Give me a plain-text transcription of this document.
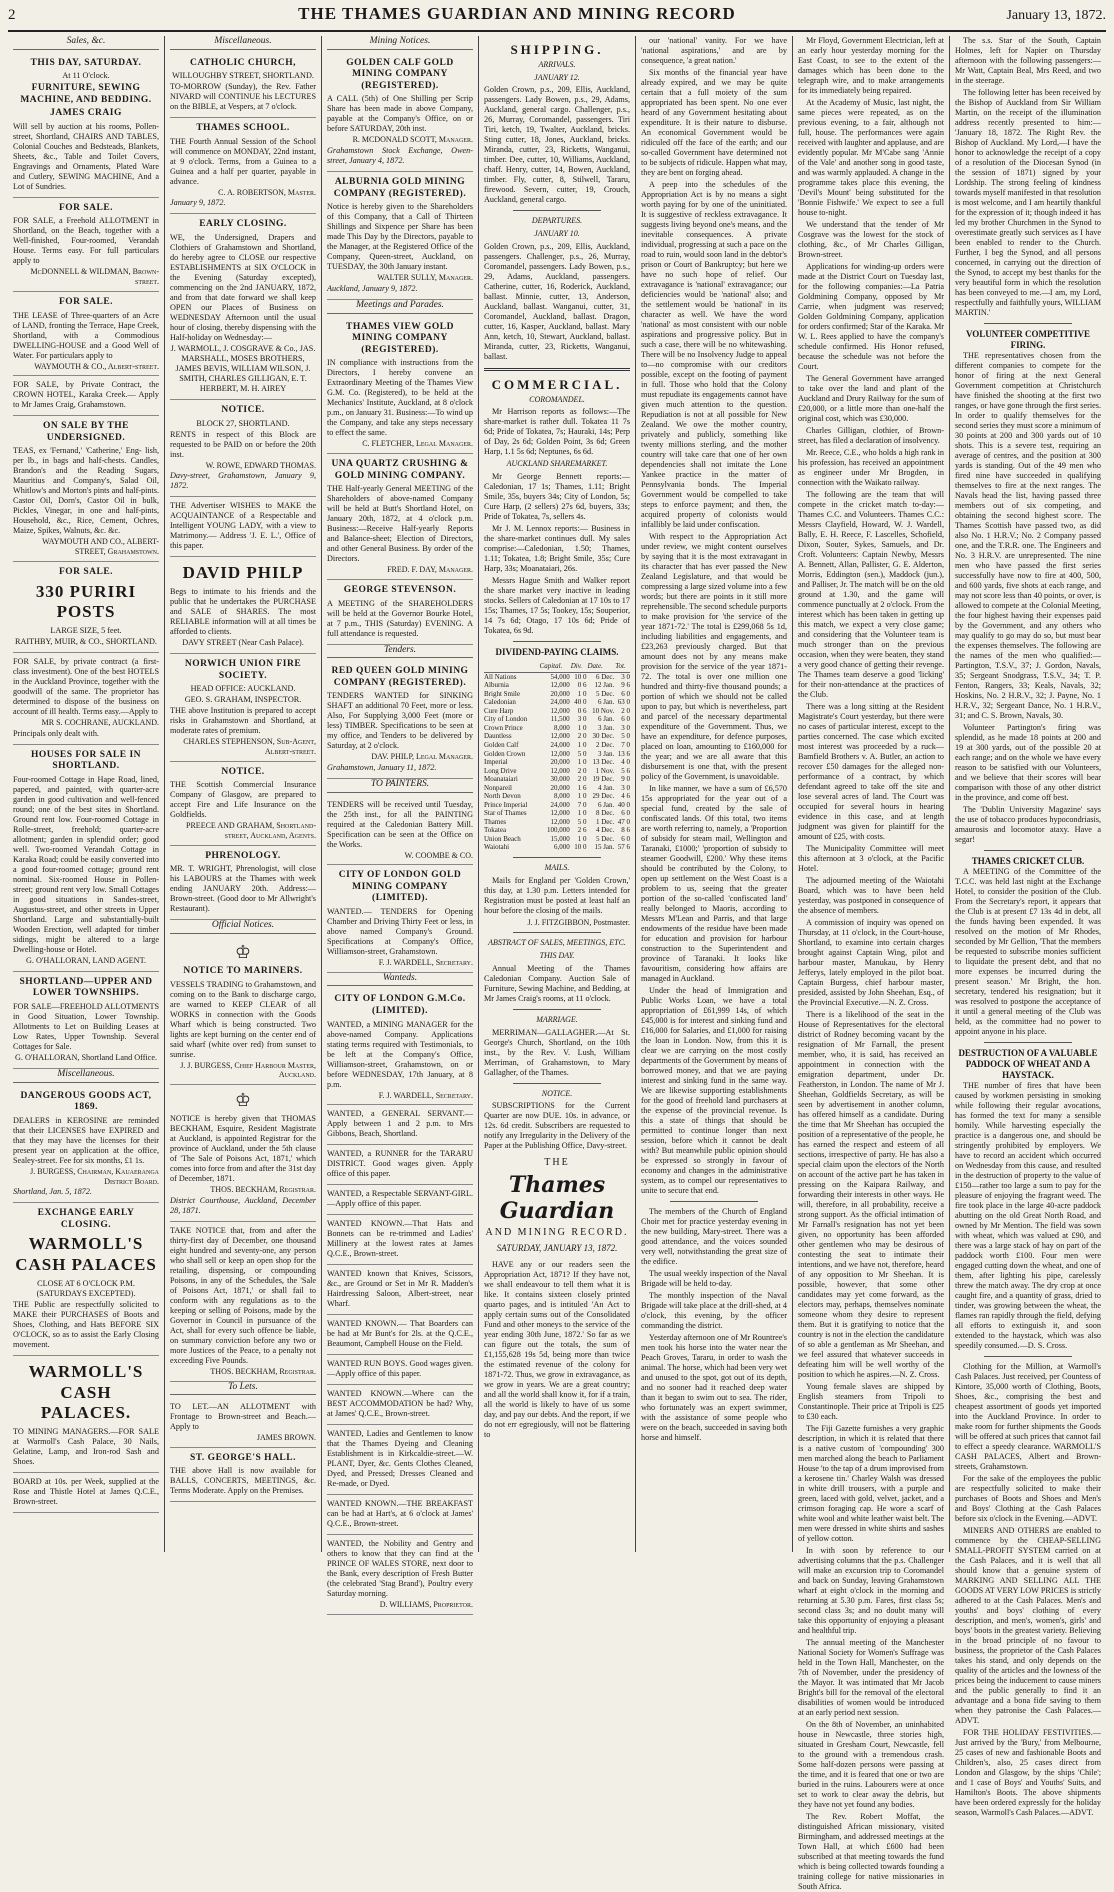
2	THE THAMES GUARDIAN AND MINING RECORD	January 13, 1872.
Sales, &c.
THIS DAY, SATURDAY.
At 11 O'clock.
FURNITURE, SEWING MACHINE, AND BEDDING.
JAMES CRAIG

Will sell by auction at his rooms, Pollen-street, Shortland, CHAIRS AND TABLES, Colonial Couches and Bedsteads, Blankets, Sheets, &c., Table and Toilet Covers, Engravings and Ornaments, Plated Ware and Cutlery, SEWING MACHINE, And a Lot of Sundries.

FOR SALE.

FOR SALE, a Freehold ALLOTMENT in Shortland, on the Beach, together with a Well-finished, Four-roomed, Verandah House. Terms easy. For full particulars apply to

McDONNELL & WILDMAN, Brown-street.
FOR SALE.

THE LEASE of Three-quarters of an Acre of LAND, fronting the Terrace, Hape Creek, Shortland, with a Commodious DWELLING-HOUSE and a Good Well of Water. For particulars apply to

WAYMOUTH & CO., Albert-street.

FOR SALE, by Private Contract, the CROWN HOTEL, Karaka Creek.— Apply to Mr James Craig, Grahamstown.

ON SALE BY THE UNDERSIGNED.

TEAS, ex 'Fernand,' 'Catherine,' Eng- lish, per lb., in bags and half-chests. Candles, Brandon's and the Reading Sugars, Mauritius and Company's, Salad Oil, Whitlow's and Morton's pints and half-pints. Castor Oil, Dorn's, Castor Oil in bulk, Pickles, Vinegar, in one and half-pints, Household, &c., Rice, Cement, Ochres, Maize, Spikes, Walnuts, &c. &c.

WAYMOUTH AND CO., ALBERT-STREET, Grahamstown.
FOR SALE.
330 PURIRI POSTS
LARGE SIZE, 5 feet.
RAITHBY, MUIR, & CO., SHORTLAND.

FOR SALE, by private contract (a first-class investment). One of the best HOTELS in the Auckland Province, together with the goodwill of the same. The proprietor has determined to dispose of the business on account of ill health. Terms easy.—Apply to

MR S. COCHRANE, AUCKLAND.

Principals only dealt with.

HOUSES FOR SALE IN SHORTLAND.

Four-roomed Cottage in Hape Road, lined, papered, and painted, with quarter-acre garden in good cultivation and well-fenced round; one of the best sites in Shortland. Ground rent low. Four-roomed Cottage in Rolle-street, freehold; quarter-acre allotment; garden in splendid order; good well. Two-roomed Verandah Cottage in Karaka Road; could be easily converted into a good four-roomed cottage; ground rent nominal. Six-roomed House in Pollen-street; ground rent very low. Small Cottages in good situations in Sandes-street, Augustus-street, and other streets in Upper Shortland. Large and substantially-built Wooden Erection, well adapted for timber sidings, might be altered to a large Dwelling-house or Hotel.

G. O'HALLORAN, LAND AGENT.
SHORTLAND—UPPER AND LOWER TOWNSHIPS.

FOR SALE—FREEHOLD ALLOTMENTS in Good Situation, Lower Township. Allotments to Let on Building Leases at Low Rates, Upper Township. Several Cottages for Sale.

G. O'HALLORAN, Shortland Land Office.
Miscellaneous.
DANGEROUS GOODS ACT, 1869.

DEALERS in KEROSINE are reminded that their LICENSES have EXPIRED and that they may have the licenses for their present year on application at the office, Sealey-street. Fee for six months, £1 1s.

J. BURGESS, Chairman, Kauaeranga District Board.

Shortland, Jan. 5, 1872.

EXCHANGE EARLY CLOSING.
WARMOLL'S CASH PALACES
CLOSE AT 6 O'CLOCK P.M. (SATURDAYS EXCEPTED).

THE Public are respectfully solicited to MAKE their PURCHASES of Boots and Shoes, Clothing, and Hats BEFORE SIX O'CLOCK, so as to assist the Early Closing movement.

WARMOLL'S CASH PALACES.

TO MINING MANAGERS.—FOR SALE at Warmoll's Cash Palace, 30 Nails, Gelatine, Lamp, and Iron-rod Sash and Shoes.

BOARD at 10s. per Week, supplied at the Rose and Thistle Hotel at James Q.C.E., Brown-street.

Miscellaneous.
CATHOLIC CHURCH,
WILLOUGHBY STREET, SHORTLAND.

TO-MORROW (Sunday), the Rev. Father NIVARD will CONTINUE his LECTURES on the BIBLE, at Vespers, at 7 o'clock.

THAMES SCHOOL.

THE Fourth Annual Session of the School will commence on MONDAY, 22nd instant, at 9 o'clock. Terms, from a Guinea to a Guinea and a half per quarter, payable in advance.

C. A. ROBERTSON, Master.

January 9, 1872.

EARLY CLOSING.

WE, the Undersigned, Drapers and Clothiers of Grahamstown and Shortland, do hereby agree to CLOSE our respective ESTABLISHMENTS at SIX O'CLOCK in the Evening (Saturday excepted), commencing on the 2nd JANUARY, 1872, and from that date forward we shall keep OPEN our Places of Business on WEDNESDAY Afternoon until the usual hour of closing, thereby dispensing with the Half-holiday on Wednesday:—

J. WARMOLL, J. COSGRAVE & Co., JAS. MARSHALL, MOSES BROTHERS, JAMES BEVIS, WILLIAM WILSON, J. SMITH, CHARLES GILLIGAN, E. T. HERBERT, M. H. AIREY
NOTICE.
BLOCK 27, SHORTLAND.

RENTS in respect of this Block are requested to be PAID on or before the 20th inst.

W. ROWE, EDWARD THOMAS.

Davy-street, Grahamstown, January 9, 1872.

THE Advertiser WISHES to MAKE the ACQUAINTANCE of a Respectable and Intelligent YOUNG LADY, with a view to Matrimony.— Address 'J. E. L.', Office of this paper.

DAVID PHILP

Begs to intimate to his friends and the public that he undertakes the PURCHASE and SALE of SHARES. The most RELIABLE information will at all times be afforded to clients.

DAVY STREET (Near Cash Palace).
NORWICH UNION FIRE SOCIETY.
HEAD OFFICE: AUCKLAND.
GEO. S. GRAHAM, INSPECTOR.

THE above Institution is prepared to accept risks in Grahamstown and Shortland, at moderate rates of premium.

CHARLES STEPHENSON, Sub-Agent, Albert-street.
NOTICE.

THE Scottish Commercial Insurance Company of Glasgow, are prepared to accept Fire and Life Insurance on the Goldfields.

PREECE AND GRAHAM, Shortland-street, Auckland, Agents.
PHRENOLOGY.

MR. T. WRIGHT, Phrenologist, will close his LABOURS at the Thames with week ending JANUARY 20th. Address:— Brown-street. (Good door to Mr Allwright's Restaurant).

Official Notices.
♔
NOTICE TO MARINERS.

VESSELS TRADING to Grahamstown, and coming on to the Bank to discharge cargo, are warned to KEEP CLEAR of all WORKS in connection with the Goods Wharf which is being constructed. Two lights are kept burning on the center end of said wharf (white over red) from sunset to sunrise.

J. J. BURGESS, Chief Harbour Master, Auckland.
♔

NOTICE is hereby given that THOMAS BECKHAM, Esquire, Resident Magistrate at Auckland, is appointed Registrar for the province of Auckland, under the 5th clause of 'The Sale of Poisons Act, 1871,' which comes into force from and after the 31st day of December, 1871.

THOS. BECKHAM, Registrar.

District Courthouse, Auckland, December 28, 1871.

TAKE NOTICE that, from and after the thirty-first day of December, one thousand eight hundred and seventy-one, any person who shall sell or keep an open shop for the retailing, dispensing, or compounding Poisons, in any of the Schedules, the 'Sale of Poisons Act, 1871,' or shall fail to conform with any regulations as to the keeping or selling of Poisons, made by the Governor in Council in pursuance of the Act, shall for every such offence be liable, on summary conviction before any two or more Justices of the Peace, to a penalty not exceeding Five Pounds.

THOS. BECKHAM, Registrar.
To Lets.

TO LET.—AN ALLOTMENT with Frontage to Brown-street and Beach.—Apply to

JAMES BROWN.
ST. GEORGE'S HALL.

THE above Hall is now available for BALLS, CONCERTS, MEETINGS, &c. Terms Moderate. Apply on the Premises.

Mining Notices.
GOLDEN CALF GOLD MINING COMPANY (REGISTERED).

A CALL (5th) of One Shilling per Scrip Share has been made in above Company, payable at the Company's Office, on or before SATURDAY, 20th inst.

R. MCDONALD SCOTT, Manager.

Grahamstown Stock Exchange, Owen-street, January 4, 1872.

ALBURNIA GOLD MINING COMPANY (REGISTERED).

Notice is hereby given to the Shareholders of this Company, that a Call of Thirteen Shillings and Sixpence per Share has been made This Day by the Directors, payable to the Manager, at the Registered Office of the Company, Queen-street, Auckland, on TUESDAY, the 30th January instant.

WALTER SULLY, Manager.

Auckland, January 9, 1872.

Meetings and Parades.
THAMES VIEW GOLD MINING COMPANY (REGISTERED).

IN compliance with instructions from the Directors, I hereby convene an Extraordinary Meeting of the Thames View G.M. Co. (Registered), to be held at the Mechanics' Institute, Auckland, at 8 o'clock p.m., on January 31. Business:—To wind up the Company, and take any steps necessary to effect the same.

C. FLETCHER, Legal Manager.
UNA QUARTZ CRUSHING & GOLD MINING COMPANY.

THE Half-yearly General MEETING of the Shareholders of above-named Company will be held at Butt's Shortland Hotel, on January 20th, 1872, at 4 o'clock p.m. Business:—Receive Half-yearly Reports and Balance-sheet; Election of Directors, and other General Business. By order of the Directors.

FRED. F. DAY, Manager.
GEORGE STEVENSON.

A MEETING of the SHAREHOLDERS will be held at the Governor Bourke Hotel, at 7 p.m., THIS (Saturday) EVENING. A full attendance is requested.

Tenders.
RED QUEEN GOLD MINING COMPANY (REGISTERED).

TENDERS WANTED for SINKING SHAFT an additional 70 Feet, more or less. Also, For Supplying 3,000 Feet (more or less) TIMBER. Specifications to be seen at my office, and Tenders to be delivered by Saturday, at 2 o'clock.

DAV. PHILP, Legal Manager.

Grahamstown, January 11, 1872.

TO PAINTERS.

TENDERS will be received until Tuesday, the 25th inst., for all the PAINTING required at the Caledonian Battery Mill. Specification can be seen at the Office on the Works.

W. COOMBE & CO.
CITY OF LONDON GOLD MINING COMPANY (LIMITED).

WANTED.— TENDERS for Opening Chamber and Driving Thirty Feet or less, in above named Company's Ground. Specifications at Company's Office, Williamson-street, Grahamstown.

F. J. WARDELL, Secretary.
Wanteds.
CITY OF LONDON G.M.Co. (LIMITED).

WANTED, a MINING MANAGER for the above-named Company. Applications stating terms required with Testimonials, to be left at the Company's Office, Williamson-street, Grahamstown, on or before WEDNESDAY, 17th January, at 8 p.m.

F. J. WARDELL, Secretary.

WANTED, a GENERAL SERVANT.— Apply between 1 and 2 p.m. to Mrs Gibbons, Beach, Shortland.

WANTED, a RUNNER for the TARARU DISTRICT. Good wages given. Apply office of this paper.

WANTED, a Respectable SERVANT-GIRL.—Apply office of this paper.

WANTED KNOWN.—That Hats and Bonnets can be re-trimmed and Ladies' Millinery at the lowest rates at James Q.C.E., Brown-street.

WANTED known that Knives, Scissors, &c., are Ground or Set in Mr R. Madden's Hairdressing Saloon, Albert-street, near Wharf.

WANTED KNOWN.— That Boarders can be had at Mr Bunt's for 2ls. at the Q.C.E., Beaumont, Campbell House on the Field.

WANTED RUN BOYS. Good wages given.—Apply office of this paper.

WANTED KNOWN.—Where can the BEST ACCOMMODATION be had? Why, at James' Q.C.E., Brown-street.

WANTED, Ladies and Gentlemen to know that the Thames Dyeing and Cleaning Establishment is in Kirkcaldie-street.—W. PLANT, Dyer, &c. Gents Clothes Cleaned, Dyed, and Pressed; Dresses Cleaned and Re-made, or Dyed.

WANTED KNOWN.—THE BREAKFAST can be had at Hart's, at 6 o'clock at James' Q.C.E., Brown-street.

WANTED, the Nobility and Gentry and others to know that they can find at the PRINCE OF WALES STORE, next door to the Bank, every description of Fresh Butter (the celebrated 'Stag Brand'), Poultry every Saturday morning.

D. WILLIAMS, Proprietor.
SHIPPING.
ARRIVALS.
JANUARY 12.

Golden Crown, p.s., 209, Ellis, Auckland, passengers. Lady Bowen, p.s., 29, Adams, Auckland, general cargo. Challenger, p.s., 26, Murray, Coromandel, passengers. Tiri Tiri, ketch, 19, Twalter, Auckland, bricks. Sting cutter, 18, Jones, Auckland, bricks. Miranda, cutter, 23, Ricketts, Wanganui, timber. Dee, cutter, 10, Williams, Auckland, chaff. Henry, cutter, 14, Bowen, Auckland, timber. Fly, cutter, 8, Stilwell, Tararu, firewood. Severn, cutter, 19, Crouch, Auckland, general cargo.

DEPARTURES.
JANUARY 10.

Golden Crown, p.s., 209, Ellis, Auckland, passengers. Challenger, p.s., 26, Murray, Coromandel, passengers. Lady Bowen, p.s., 29, Adams, Auckland, passengers. Catherine, cutter, 16, Roderick, Auckland, ballast. Minnie, cutter, 13, Anderson, Auckland, ballast. Wanganui, cutter, 31, Coromandel, Auckland, ballast. Dragon, cutter, 16, Kasper, Auckland, ballast. Mary Ann, ketch, 10, Stewart, Auckland, ballast. Miranda, cutter, 23, Ricketts, Wanganui, ballast.

COMMERCIAL.
COROMANDEL.

Mr Harrison reports as follows:—The share-market is rather dull. Tokatea 11 7s 6d; Pride of Tokatea, 7s; Hauraki, 14s; Perp of Day, 2s 6d; Golden Point, 3s 6d; Green Harp, 1.1 5s 6d; Neptunes, 6s 6d.

AUCKLAND SHAREMARKET.

Mr George Bennett reports:—Caledonian, 17 1s; Thames, 1.11; Bright Smile, 35s, buyers 34s; City of London, 5s; Cure Harp, (2 sellers) 27s 6d, buyers, 33s; Pride of Tokatea, 7s, sellers 4s.

Mr J. M. Lennox reports:— Business in the share-market continues dull. My sales comprise:—Caledonian, 1.50; Thames, 1.11; Tokatea, 1.8; Bright Smile, 35s; Cure Harp, 33s; Moanataiari, 26s.

Messrs Hague Smith and Walker report the share market very inactive in leading stocks. Sellers of Caledonian at 17 10s to 17 15s; Thames, 17 5s; Tookey, 15s; Souperior, 14 7s 6d; Otago, 17 10s 6d; Pride of Tokatea, 6s 9d.

DIVIDEND-PAYING CLAIMS.
	Capital.	Div.	Date.	Tot.
All Nations	54,000	10 0	6 Dec.	3 0
Alburnia	12,000	0 6	12 Jan.	9 6
Bright Smile	20,000	1 0	5 Dec.	6 0
Caledonian	24,000	40 0	6 Jan.	63 0
Cure Harp	12,000	0 6	10 Nov.	2 0
City of London	11,500	3 0	6 Jan.	6 0
Crown Prince	8,000	1 0	3 Jan.	3 0
Dauntless	12,000	2 0	30 Dec.	5 0
Golden Calf	24,000	1 0	2 Dec.	7 0
Golden Crown	12,000	5 0	3 Jan.	13 6
Imperial	20,000	1 0	13 Dec.	4 0
Long Drive	12,000	2 0	1 Nov.	5 6
Moanataiari	30,000	2 0	19 Dec.	9 0
Nonpareil	20,000	1 6	4 Jan.	3 0
North Devon	8,000	1 0	29 Dec.	4 6
Prince Imperial	24,000	7 0	6 Jan.	40 0
Star of Thames	12,000	1 0	8 Dec.	6 0
Thames	12,000	5 0	1 Dec.	47 0
Tokatea	100,000	2 6	4 Dec.	8 6
Union Beach	15,000	1 0	5 Dec.	6 0
Waiotahi	6,000	10 0	15 Jan.	57 6
MAILS.

Mails for England per 'Golden Crown,' this day, at 1.30 p.m. Letters intended for Registration must be posted at least half an hour before the closing of the mails.

J. J. FITZGIBBON, Postmaster.
ABSTRACT OF SALES, MEETINGS, ETC.
THIS DAY.

Annual Meeting of the Thames Caledonian Company. Auction Sale of Furniture, Sewing Machine, and Bedding, at Mr James Craig's rooms, at 11 o'clock.

MARRIAGE.

MERRIMAN—GALLAGHER.—At St. George's Church, Shortland, on the 10th inst., by the Rev. V. Lush, William Merriman, of Grahamstown, to Mary Gallagher, of the Thames.

NOTICE.

SUBSCRIPTIONS for the Current Quarter are now DUE. 10s. in advance, or 12s. 6d credit. Subscribers are requested to notify any Irregularity in the Delivery of the Paper at the Publishing Office, Davy-street.

THE
Thames Guardian
AND MINING RECORD.
SATURDAY, JANUARY 13, 1872.

HAVE any or our readers seen the Appropriation Act, 1871? If they have not, we shall endeavour to tell them what it is like. It contains sixteen closely printed quarto pages, and is intituled 'An Act to apply certain sums out of the Consolidated Fund and other moneys to the service of the year ending 30th June, 1872.' So far as we can figure out the totals, the sum of £1,155,628 19s 5d, being more than twice the estimated revenue of the colony for 1871-72. Thus, we grow in extravagance, as we grow in years. We are a great country; and all the world shall know it, for if a train, all the world is likely to have of us some day, and pay our debts. And the report, if we do not err egregiously, will not be flattering to

our 'national' vanity. For we have 'national aspirations,' and are by consequence, 'a great nation.'

Six months of the financial year have already expired, and we may be quite certain that a full moiety of the sum appropriated has been spent. No one ever heard of any Government hesitating about expenditure. It is their nature to disburse. An economical Government would be ridiculed off the face of the earth; and our so-called Government have determined not to be subjects of ridicule. Happen what may, they are bent on forging ahead.

A peep into the schedules of the Appropriation Act is by no means a sight worth paying for by one of the uninitiated. It is suggestive of reckless extravagance. It suggests living beyond one's means, and the inevitable consequences. A private individual, progressing at such a pace on the road to ruin, would soon land in the debtor's prison or Court of Bankruptcy; but here we have no such hope of relief. Our extravagance is 'national' extravagance; our deficiencies would be 'national' also; and the settlement would be 'national' in its character as well. We have the word 'national' as most consistent with our noble aspirations and progressive policy. But in such a case, there will be no whitewashing. There will be no Insolvency Judge to appeal to—no compromise with our creditors possible, except on the footing of payment in full. Those who hold that the Colony must repudiate its engagements cannot have given much attention to the question. Repudiation is not at all possible for New Zealand. We owe the mother country, privately and publicly, something like twenty millions sterling, and the mother country will take care that one of her own dependencies shall not imitate the Lone Yankee practice in the matter of Pennsylvania bonds. The Imperial Government would be compelled to take steps to enforce payment; and then, the acquired property of colonists would infallibly be laid under confiscation.

With respect to the Appropriation Act under review, we might content ourselves by saying that it is the most extravagant in its character that has ever passed the New Zealand Legislature, and that would be compressing a large sized volume into a few words; but there are points in it still more reprehensible. The second schedule purports to make provision for 'the service of the year 1871-72.' The total is £299,068 5s 1d, including liabilities and engagements, and £23,263 previously charged. But that amount does not by any means make provision for the service of the year 1871-72. The total is over one million one hundred and thirty-five thousand pounds; a portion of which we should not be called upon to pay, but which is nevertheless, part and parcel of the necessary departmental expenditure of the Government. Thus, we have an expenditure, for defence purposes, placed on loan, amounting to £160,000 for the year; and we are all aware that this disbursement is one that, with the present policy of the Government, is unavoidable.

In like manner, we have a sum of £6,570 15s appropriated for the year out of a special fund, created by the sale of confiscated lands. Of this total, two items are worth referring to, namely, a 'Proportion of subsidy for steam mail, Wellington and Taranaki, £1000;' 'proportion of subsidy to steamer Goodwill, £200.' Why these items should be contributed by the Colony, to open up settlement on the West Coast is a problem to us, seeing that the greater portion of the so-called 'confiscated land' really belonged to Maoris, according to Messrs M'Lean and Parris, and that large endowments of the residue have been made for education and provision for harbour construction to the Superintendent and province of Taranaki. It looks like favouritism, considering how affairs are managed in Auckland.

Under the head of Immigration and Public Works Loan, we have a total appropriation of £61,999 14s, of which £45,000 is for interest and sinking fund and £16,000 for Salaries, and £1,000 for raising the loan in London. Now, from this it is clear we are carrying on the most costly departments of the Government by means of borrowed money, and that we are paying interest and sinking fund in the same way. We are likewise supporting establishments for the good of freehold land purchasers at the expense of the provincial revenue. Is this a state of things that should be permitted to continue longer than next session, before which it cannot be dealt with? But meanwhile public opinion should be expressed so strongly in favour of economy and changes in the administrative system, as to compel our representatives to unite to secure that end.

The members of the Church of England Choir met for practice yesterday evening in the new building, Mary-street. There was a good attendance, and the voices sounded very well, notwithstanding the great size of the edifice.

The usual weekly inspection of the Naval Brigade will be held to-day.

The monthly inspection of the Naval Brigade will take place at the drill-shed, at 4 o'clock, this evening, by the officer commanding the district.

Yesterday afternoon one of Mr Rountree's men took his horse into the water near the Peach Groves, Tararu, in order to wash the animal. The horse, which had been very wet and unused to the spot, got out of its depth, and no sooner had it reached deep water than it began to swim out to sea. The rider, who fortunately was an expert swimmer, with the assistance of some people who were on the beach, succeeded in saving both horse and himself.

Mr Floyd, Government Electrician, left at an early hour yesterday morning for the East Coast, to see to the extent of the damages which has been done to the telegraph wire, and to make arrangements for its immediately being repaired.

At the Academy of Music, last night, the same pieces were repeated, as on the previous evening, to a fair, although not full, house. The performances were again received with laughter and applause, and are evidently popular. Mr M'Cabe sang 'Annie of the Vale' and another song in good taste, and was warmly applauded. A change in the programme takes place this evening, the 'Devil's Mount' being substituted for the 'Bonnie Fishwife.' We expect to see a full house to-night.

We understand that the tender of Mr Cosgrave was the lowest for the stock of clothing, &c., of Mr Charles Gilligan, Brown-street.

Applications for winding-up orders were made at the District Court on Tuesday last, for the following companies:—La Patria Goldmining Company, opposed by Mr Carrie, when judgment was reserved; Golden Goldmining Company, application for orders confirmed; Star of the Karaka. Mr W. L. Rees applied to have the company's schedule confirmed. His Honor refused, because the schedule was not before the Court.

The General Government have arranged to take over the land and plant of the Auckland and Drury Railway for the sum of £20,000, or a little more than one-half the original cost, which was £30,000.

Charles Gilligan, clothier, of Brown-street, has filed a declaration of insolvency.

Mr. Reece, C.E., who holds a high rank in his profession, has received an appointment as engineer under Mr Brogden, in connection with the Waikato railway.

The following are the team that will compete in the cricket match to-day:—Thames C.C. and Volunteers. Thames C.C.: Messrs Clayfield, Howard, W. J. Wardell, Bally, E. H. Reece, F. Lascelles, Schofield, Dixon, Souter, Sykes, Samuels, and Dr. Croft. Volunteers: Captain Newby, Messrs A. Bennett, Allan, Pallister, G. E. Alderton, Morris, Eddington (sen.), Maddock (jun.), and Palliser, Jr. The match will be on the old ground at 1.30, and the game will commence punctually at 2 o'clock. From the interest which has been taken in getting up this match, we expect a very close game; and considering that the Volunteer team is much stronger than on the previous occasion, when they were beaten, they stand a very good chance of getting their revenge. The Thames team deserve a good 'licking' for their non-attendance at the practices of the Club.

There was a long sitting at the Resident Magistrate's Court yesterday, but there were no cases of particular interest, except to the parties concerned. The case which excited most interest was proceeded by a ruck— Bamfield Brothers v. A. Butler, an action to recover £50 damages for the alleged non-performance of a contract, by which defendant agreed to take off the site and lose several acres of land. The Court was occupied for several hours in hearing evidence in this case, and at length judgment was given for plaintiff for the amount of £25, with costs.

The Municipality Committee will meet this afternoon at 3 o'clock, at the Pacific Hotel.

The adjourned meeting of the Waiotahi Board, which was to have been held yesterday, was postponed in consequence of the absence of members.

A commission of inquiry was opened on Thursday, at 11 o'clock, in the Court-house, Shortland, to examine into certain charges brought against Captain Wing, pilot and harbour master, Manukau, by Henry Jefferys, lately employed in the pilot boat. Captain Burgess, chief harbour master, presided, assisted by John Sheehan, Esq., of the Provincial Executive.—N. Z. Cross.

There is a likelihood of the seat in the House of Representatives for the electoral district of Rodney becoming vacant by the resignation of Mr Farnall, the present member, who, it is said, has received an appointment in connection with the emigration department, under Dr. Featherston, in London. The name of Mr J. Sheehan, Goldfields Secretary, as will be seen by advertisement in another column, has offered himself as a candidate. During the time that Mr Sheehan has occupied the position of a representative of the people, he has earned the respect and esteem of all sections, irrespective of party. He has also a special claim upon the electors of the North on account of the active part he has taken in pressing on the Kaipara Railway, and forwarding their interests in other ways. He will, therefore, in all probability, receive a strong support. As the official intimation of Mr Farnall's resignation has not yet been given, no opportunity has been afforded other gentlemen who may be desirous of contesting the seat to intimate their intentions, and we have not, therefore, heard of any opposition to Mr Sheehan. It is possible, however, that some other candidates may yet come forward, as the electors may, perhaps, themselves nominate someone whom they desire to represent them. But it is gratifying to notice that the country is not in the election the candidature of so able a gentleman as Mr Sheehan, and we feel assured that whatever succeeds in defeating him will be well worthy of the position to which he aspires.—N. Z. Cross.

Young female slaves are shipped by English steamers from Tripoli to Constantinople. Their price at Tripoli is £25 to £30 each.

The Fiji Gazette furnishes a very graphic description, in which it is related that there is a native custom of 'compounding' 300 men marched along the beach to Parliament House 'to the tap of a drum improvised from a kerosene tin.' Charley Walsh was dressed in white drill trousers, with a purple and green, laced with gold, velvet, jacket, and a crimson foraging cap. He wore a scarf of white wool and white leather waist belt. The men were dressed in white shirts and sashes of yellow cotton.

In with soon by reference to our advertising columns that the p.s. Challenger will make an excursion trip to Coromandel and back on Sunday, leaving Grahamstown wharf at eight o'clock in the morning and returning at 5.30 p.m. Fares, first class 5s; second class 3s; and no doubt many will take this opportunity of enjoying a pleasant and healthful trip.

The annual meeting of the Manchester National Society for Women's Suffrage was held in the Town Hall, Manchester, on the 7th of November, under the presidency of the Mayor. It was intimated that Mr Jacob Bright's bill for the removal of the electoral disabilities of women would be introduced at an early period next session.

On the 8th of November, an uninhabited house in Newcastle, three stories high, situated in Gresham Court, Newcastle, fell to the ground with a tremendous crash. Some half-dozen persons were passing at the time, and it is feared that one or two are buried in the ruins. Labourers were at once set to work to clear away the debris, but they have not yet found any bodies.

The Rev. Robert Moffat, the distinguished African missionary, visited Birmingham, and addressed meetings at the Town Hall, at which £600 had been subscribed at that meeting towards the fund which is being collected towards founding a training college for native missionaries in South Africa.

The s.s. Star of the South, Captain Holmes, left for Napier on Thursday afternoon with the following passengers:—Mr Watt, Captain Beal, Mrs Reed, and two in the steerage.

The following letter has been received by the Bishop of Auckland from Sir William Martin, on the receipt of the illumination address recently presented to him:— 'January 18, 1872. The Right Rev. the Bishop of Auckland. My Lord,—I have the honor to acknowledge the receipt of a copy of a resolution of the Diocesan Synod (in the session of 1871) signed by your Lordship. The strong feeling of kindness towards myself manifested in that resolution is most welcome, and I am heartily thankful for the expression of it; though indeed it has led my brother Churchmen in the Synod to overestimate greatly such services as I have been enabled to render to the Church. Further, I beg the Synod, and all persons concerned, in carrying out the direction of the Synod, to accept my best thanks for the very beautiful form in which the resolution has been conveyed to me.—I am, my Lord, respectfully and faithfully yours, WILLIAM MARTIN.'

VOLUNTEER COMPETITIVE FIRING.

THE representatives chosen from the different companies to compete for the honor of firing at the next General Government competition at Christchurch have finished the shooting at the first two ranges, or have gone through the first series. In order to qualify themselves for the second series they must score a minimum of 30 points at 200 and 300 yards out of 10 shots. This is a severe test, requiring an average of centres, and the position at 300 yards is standing. Out of the 49 men who fired nine have succeeded in qualifying themselves to fire at the next ranges. The Navals head the list, having passed three members out of six competing, and obtaining the second highest score. The Thames Scottish have passed two, as did also No. 1 H.R.V.; No. 2 Company passed one, and the T.R.R. one. The Engineers and No. 3 H.R.V. are unrepresented. The nine men who have passed the first series successfully have now to fire at 400, 500, and 600 yards, five shots at each range, and may not score less than 40 points, or over, is allowed to compete at the Colonial Meeting, the four highest having their expenses paid by the Government, and any others who may qualify to go may do so, but must bear the expenses themselves. The following are the names of the men who qualified:— Partington, T.S.V., 37; J. Gordon, Navals, 35; Sergeant Snodgrass, T.S.V., 34; T. P. Fenton, Rangers, 33; Keals, Navals, 32; Hoskins, No. 2 H.R.V., 32; J. Payne, No. 1 H.R.V., 32; Sergeant Dance, No. 1 H.R.V., 31; and C. S. Brown, Navals, 30.

Volunteer Partington's firing was splendid, as he made 18 points at 200 and 19 at 300 yards, out of the possible 20 at each range; and on the whole we have every reason to be satisfied with our Volunteers, and we believe that their scores will bear comparison with those of any other district in the province, and come off best.

The 'Dublin University Magazine' says the use of tobacco produces hypocondriasis, amaurosis and locomotor ataxy. Have a segar!

THAMES CRICKET CLUB.

A MEETING of the Committee of the T.C.C. was held last night at the Exchange Hotel, to consider the position of the Club. From the Secretary's report, it appears that the Club is at present £7 13s 4d in debt, all the funds having been expended. It was resolved on the motion of Mr Rhodes, seconded by Mr Gellion, 'That the members be requested to subscribe monies sufficient to liquidate the present debt, and that no more expenses be incurred during the present season.' Mr Bright, the hon. secretary, tendered his resignation; but it was resolved to postpone the acceptance of it until a general meeting of the Club was held, as the committee had no power to appoint anyone in his place.

DESTRUCTION OF A VALUABLE PADDOCK OF WHEAT AND A HAYSTACK.

THE number of fires that have been caused by workmen persisting in smoking while following their regular avocations, has formed the text for many a sensible homily. While harvesting especially the practice is a dangerous one, and should be stringently prohibited by employers. We have to record an accident which occurred on Wednesday from this cause, and resulted in the destruction of property to the value of £150—rather too large a sum to pay for the pleasure of enjoying the fragrant weed. The fire took place in the large 40-acre paddock abutting on the old Great North Road, and owned by Mr Mention. The field was sown with wheat, which was valued at £90, and there was a large stack of hay on part of the paddock worth £100. Four men were engaged cutting down the wheat, and one of them, after lighting his pipe, carelessly threw the match away. The dry crop at once caught fire, and a quantity of grass, dried to tinder, was growing between the wheat, the flames ran rapidly through the field, defying all efforts to extinguish it, and soon extended to the haystack, which was also speedily consumed.—D. S. Cross.

Clothing for the Million, at Warmoll's Cash Palaces. Just received, per Countess of Kintore, 35,000 worth of Clothing, Boots, Shoes, &c., comprising the best and cheapest assortment of goods yet imported into the Auckland Province. In order to make room for further shipments the Goods will be offered at such prices that cannot fail to effect a speedy clearance. WARMOLL'S CASH PALACES, Albert and Brown-streets, Grahamstown.

For the sake of the employees the public are respectfully solicited to make their purchases of Boots and Shoes and Men's and Boys' Clothing at the Cash Palaces before six o'clock in the Evening.—ADVT.

MINERS AND OTHERS are enabled to commence by the CHEAP-SELLING SMALL-PROFIT SYSTEM carried on at the Cash Palaces, and it is well that all should know that a genuine system of MARKING AND SELLING ALL THE GOODS AT VERY LOW PRICES is strictly adhered to at the Cash Palaces. Men's and youths' and boys' clothing of every description, and men's, women's, girls' and boys' boots in the greatest variety. Believing in the broad principle of no favour to business, the proprietor of the Cash Palaces takes his stand, and only depends on the quality of the articles and the lowness of the prices being the inducement to cause miners and the public generally to find it an advantage and a bona fide saving to them when they patronise the Cash Palaces.—ADVT.

FOR THE HOLIDAY FESTIVITIES.—Just arrived by the 'Bury,' from Melbourne, 25 cases of new and fashionable Boots and Children's, also, 25 cases direct from London and Glasgow, by the ships 'Chile'; and 1 case of Boys' and Youths' Suits, and Hamilton's Boots. The above shipments have been ordered expressly for the holiday season, Warmoll's Cash Palaces.—ADVT.
